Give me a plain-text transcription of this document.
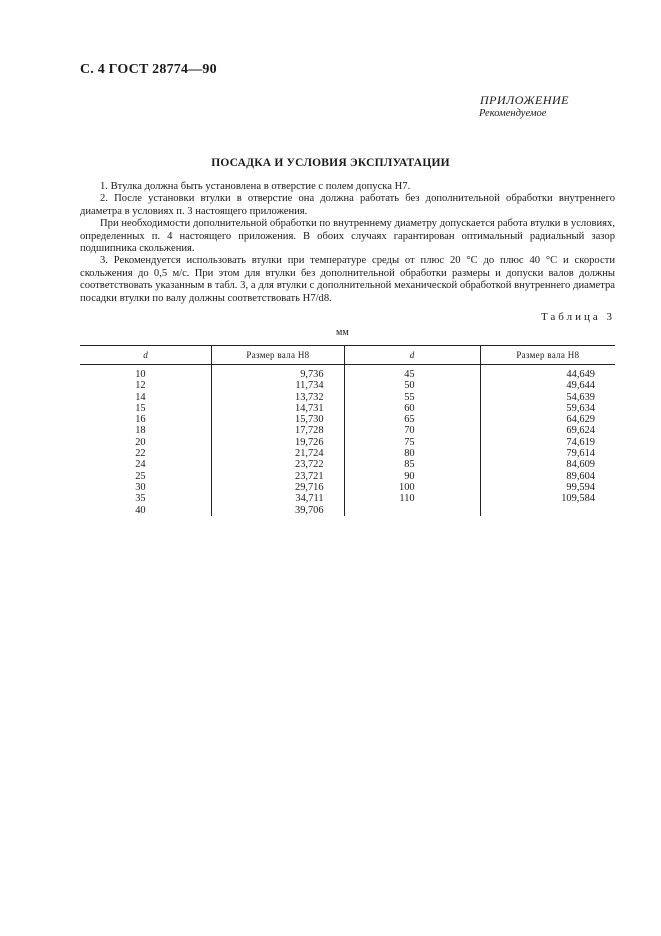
С. 4 ГОСТ 28774—90
ПРИЛОЖЕНИЕ
Рекомендуемое
ПОСАДКА И УСЛОВИЯ ЭКСПЛУАТАЦИИ

1. Втулка должна быть установлена в отверстие с полем допуска H7.

2. После установки втулки в отверстие она должна работать без дополнительной обработки внутреннего диаметра в условиях п. 3 настоящего приложения.

При необходимости дополнительной обработки по внутреннему диаметру допускается работа втулки в условиях, определенных п. 4 настоящего приложения. В обоих случаях гарантирован оптимальный радиальный зазор подшипника скольжения.

3. Рекомендуется использовать втулки при температуре среды от плюс 20 °С до плюс 40 °С и скорости скольжения до 0,5 м/с. При этом для втулки без дополнительной обработки размеры и допуски валов должны соответствовать указанным в табл. 3, а для втулки с дополнительной механической обработкой внутреннего диаметра посадки втулки по валу должны соответствовать H7/d8.

Таблица 3
мм
d	Размер вала H8	d	Размер вала H8
10	9,736	45	44,649
12	11,734	50	49,644
14	13,732	55	54,639
15	14,731	60	59,634
16	15,730	65	64,629
18	17,728	70	69,624
20	19,726	75	74,619
22	21,724	80	79,614
24	23,722	85	84,609
25	23,721	90	89,604
30	29,716	100	99,594
35	34,711	110	109,584
40	39,706		
